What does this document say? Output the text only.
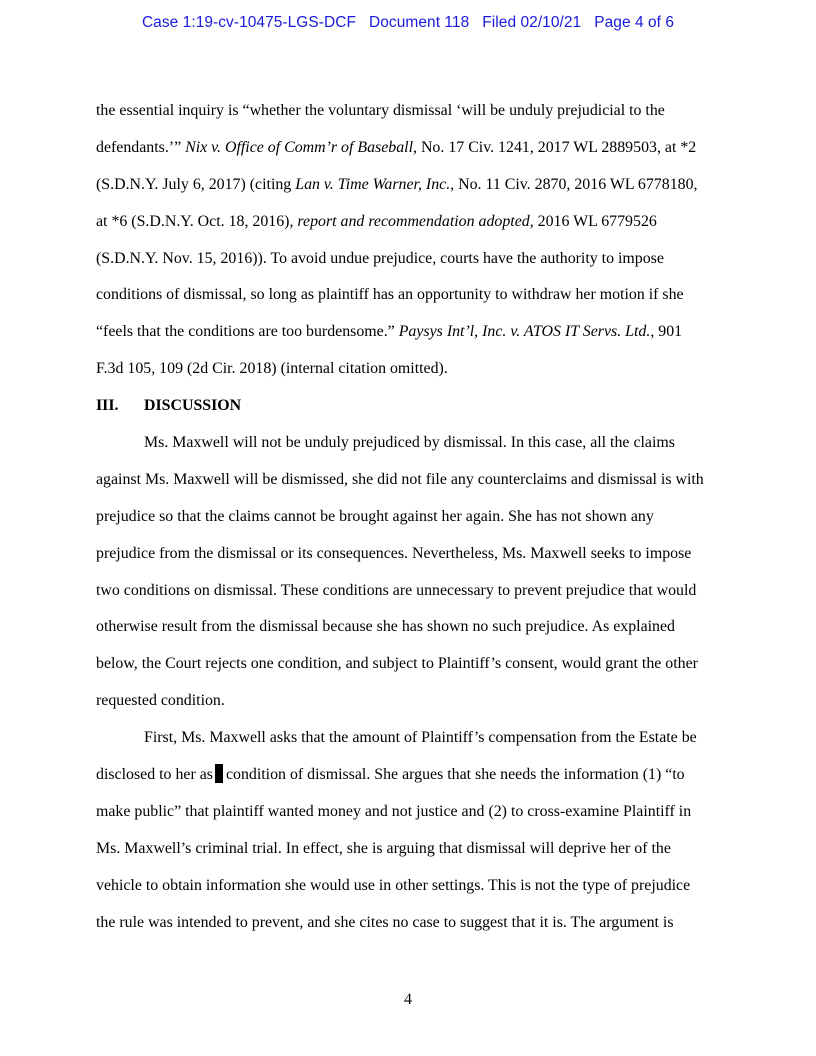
Case 1:19-cv-10475-LGS-DCF Document 118 Filed 02/10/21 Page 4 of 6
the essential inquiry is “whether the voluntary dismissal ‘will be unduly prejudicial to the
defendants.’” Nix v. Office of Comm’r of Baseball, No. 17 Civ. 1241, 2017 WL 2889503, at *2
(S.D.N.Y. July 6, 2017) (citing Lan v. Time Warner, Inc., No. 11 Civ. 2870, 2016 WL 6778180,
at *6 (S.D.N.Y. Oct. 18, 2016), report and recommendation adopted, 2016 WL 6779526
(S.D.N.Y. Nov. 15, 2016)). To avoid undue prejudice, courts have the authority to impose
conditions of dismissal, so long as plaintiff has an opportunity to withdraw her motion if she
“feels that the conditions are too burdensome.” Paysys Int’l, Inc. v. ATOS IT Servs. Ltd., 901
F.3d 105, 109 (2d Cir. 2018) (internal citation omitted).
III. DISCUSSION
Ms. Maxwell will not be unduly prejudiced by dismissal. In this case, all the claims
against Ms. Maxwell will be dismissed, she did not file any counterclaims and dismissal is with
prejudice so that the claims cannot be brought against her again. She has not shown any
prejudice from the dismissal or its consequences. Nevertheless, Ms. Maxwell seeks to impose
two conditions on dismissal. These conditions are unnecessary to prevent prejudice that would
otherwise result from the dismissal because she has shown no such prejudice. As explained
below, the Court rejects one condition, and subject to Plaintiff’s consent, would grant the other
requested condition.
First, Ms. Maxwell asks that the amount of Plaintiff’s compensation from the Estate be
disclosed to her as condition of dismissal. She argues that she needs the information (1) “to
make public” that plaintiff wanted money and not justice and (2) to cross-examine Plaintiff in
Ms. Maxwell’s criminal trial. In effect, she is arguing that dismissal will deprive her of the
vehicle to obtain information she would use in other settings. This is not the type of prejudice
the rule was intended to prevent, and she cites no case to suggest that it is. The argument is
4
